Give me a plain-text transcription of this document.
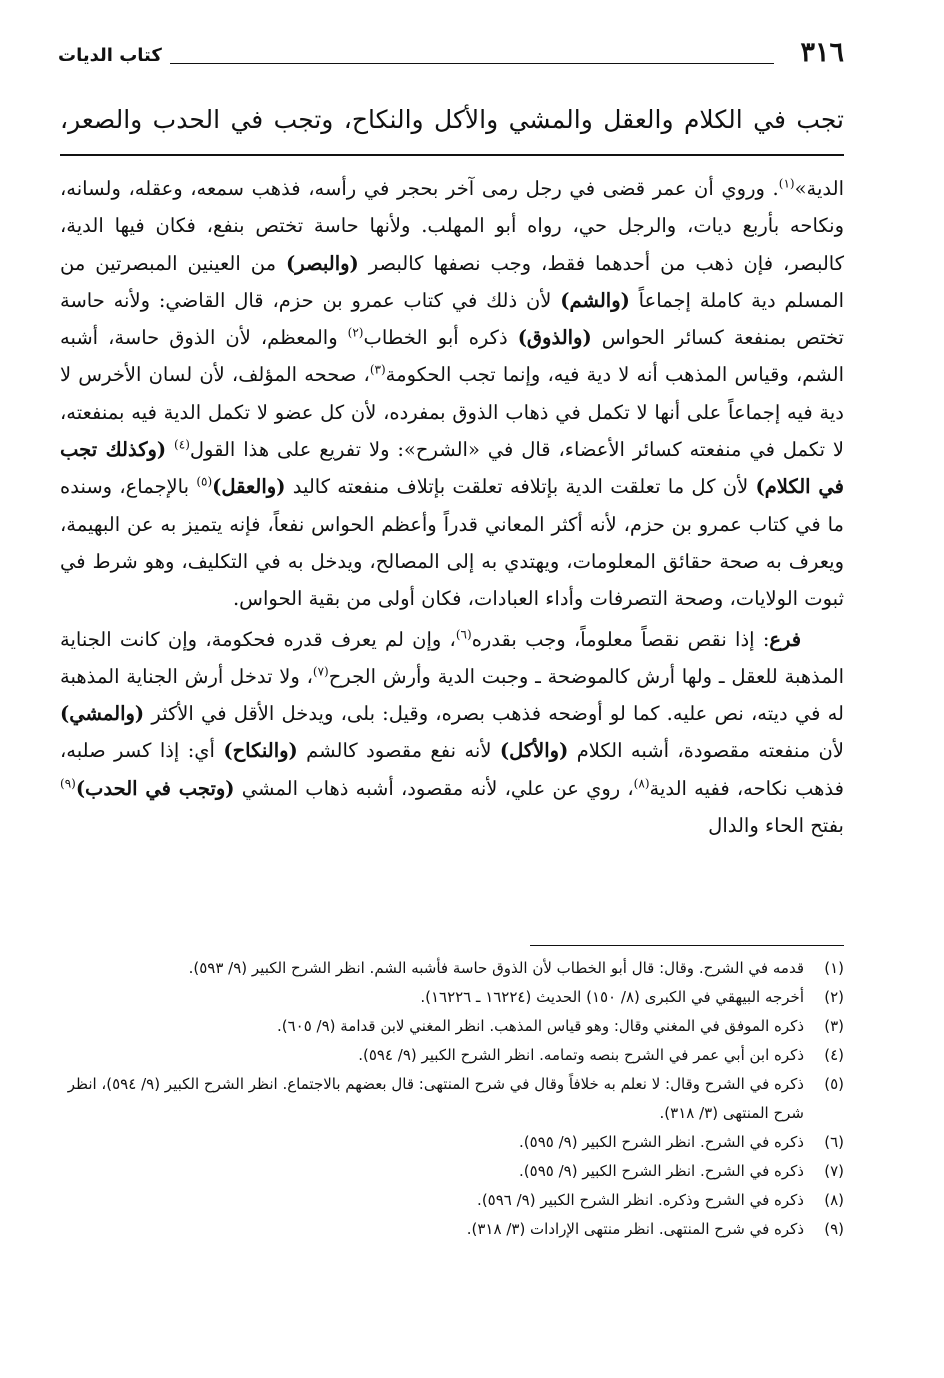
٣١٦
كتاب الديات

تجب في الكلام والعقل والمشي والأكل والنكاح، وتجب في الحدب والصعر،

الدية»$^{(١)}$. وروي أن عمر قضى في رجل رمى آخر بحجر في رأسه، فذهب سمعه، وعقله، ولسانه، ونكاحه بأربع ديات، والرجل حي، رواه أبو المهلب. ولأنها حاسة تختص بنفع، فكان فيها الدية، كالبصر، فإن ذهب من أحدهما فقط، وجب نصفها كالبصر (والبصر) من العينين المبصرتين من المسلم دية كاملة إجماعاً (والشم) لأن ذلك في كتاب عمرو بن حزم، قال القاضي: ولأنه حاسة تختص بمنفعة كسائر الحواس (والذوق) ذكره أبو الخطاب$^{(٢)}$ والمعظم، لأن الذوق حاسة، أشبه الشم، وقياس المذهب أنه لا دية فيه، وإنما تجب الحكومة$^{(٣)}$، صححه المؤلف، لأن لسان الأخرس لا دية فيه إجماعاً على أنها لا تكمل في ذهاب الذوق بمفرده، لأن كل عضو لا تكمل الدية فيه بمنفعته، لا تكمل في منفعته كسائر الأعضاء، قال في «الشرح»: ولا تفريع على هذا القول$^{(٤)}$ (وكذلك تجب في الكلام) لأن كل ما تعلقت الدية بإتلافه تعلقت بإتلاف منفعته كاليد (والعقل)$^{(٥)}$ بالإجماع، وسنده ما في كتاب عمرو بن حزم، لأنه أكثر المعاني قدراً وأعظم الحواس نفعاً، فإنه يتميز به عن البهيمة، ويعرف به صحة حقائق المعلومات، ويهتدي به إلى المصالح، ويدخل به في التكليف، وهو شرط في ثبوت الولايات، وصحة التصرفات وأداء العبادات، فكان أولى من بقية الحواس.

فرع: إذا نقص نقصاً معلوماً، وجب بقدره$^{(٦)}$، وإن لم يعرف قدره فحكومة، وإن كانت الجناية المذهبة للعقل ـ ولها أرش كالموضحة ـ وجبت الدية وأرش الجرح$^{(٧)}$، ولا تدخل أرش الجناية المذهبة له في ديته، نص عليه. كما لو أوضحه فذهب بصره، وقيل: بلى، ويدخل الأقل في الأكثر (والمشي) لأن منفعته مقصودة، أشبه الكلام (والأكل) لأنه نفع مقصود كالشم (والنكاح) أي: إذا كسر صلبه، فذهب نكاحه، ففيه الدية$^{(٨)}$، روي عن علي، لأنه مقصود، أشبه ذهاب المشي (وتجب في الحدب)$^{(٩)}$ بفتح الحاء والدال

(١)
قدمه في الشرح. وقال: قال أبو الخطاب لأن الذوق حاسة فأشبه الشم. انظر الشرح الكبير (٩/ ٥٩٣).
(٢)
أخرجه البيهقي في الكبرى (٨/ ١٥٠) الحديث (١٦٢٢٤ ـ ١٦٢٢٦).
(٣)
ذكره الموفق في المغني وقال: وهو قياس المذهب. انظر المغني لابن قدامة (٩/ ٦٠٥).
(٤)
ذكره ابن أبي عمر في الشرح بنصه وتمامه. انظر الشرح الكبير (٩/ ٥٩٤).
(٥)
ذكره في الشرح وقال: لا نعلم به خلافاً وقال في شرح المنتهى: قال بعضهم بالاجتماع. انظر الشرح الكبير (٩/ ٥٩٤)، انظر شرح المنتهى (٣/ ٣١٨).
(٦)
ذكره في الشرح. انظر الشرح الكبير (٩/ ٥٩٥).
(٧)
ذكره في الشرح. انظر الشرح الكبير (٩/ ٥٩٥).
(٨)
ذكره في الشرح وذكره. انظر الشرح الكبير (٩/ ٥٩٦).
(٩)
ذكره في شرح المنتهى. انظر منتهى الإرادات (٣/ ٣١٨).
